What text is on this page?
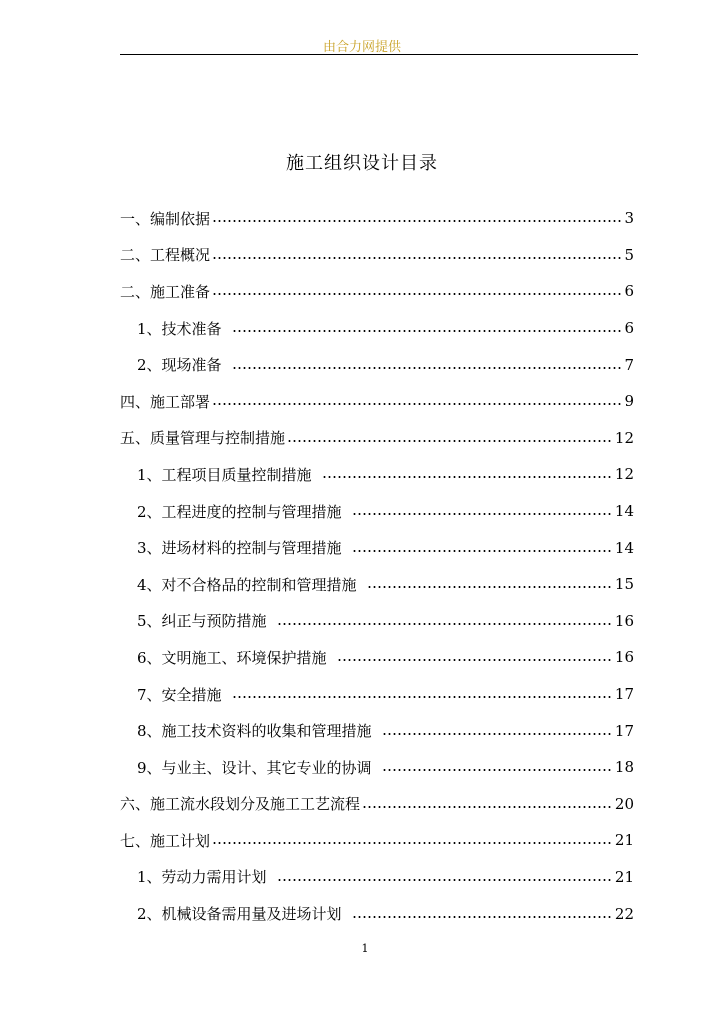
由合力网提供
施工组织设计目录
一、编制依据	3
二、工程概况	5
二、施工准备	6
1、技术准备	6
2、现场准备	7
四、施工部署	9
五、质量管理与控制措施	12
1、工程项目质量控制措施	12
2、工程进度的控制与管理措施	14
3、进场材料的控制与管理措施	14
4、对不合格品的控制和管理措施	15
5、纠正与预防措施	16
6、文明施工、环境保护措施	16
7、安全措施	17
8、施工技术资料的收集和管理措施	17
9、与业主、设计、其它专业的协调	18
六、施工流水段划分及施工工艺流程	20
七、施工计划	21
1、劳动力需用计划	21
2、机械设备需用量及进场计划	22
1
